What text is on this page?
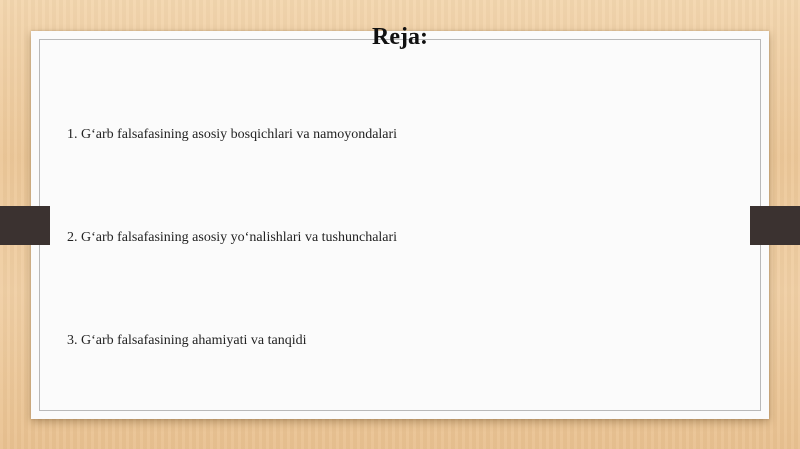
Reja:
1. G‘arb falsafasining asosiy bosqichlari va namoyondalari
2. G‘arb falsafasining asosiy yo‘nalishlari va tushunchalari
3. G‘arb falsafasining ahamiyati va tanqidi
